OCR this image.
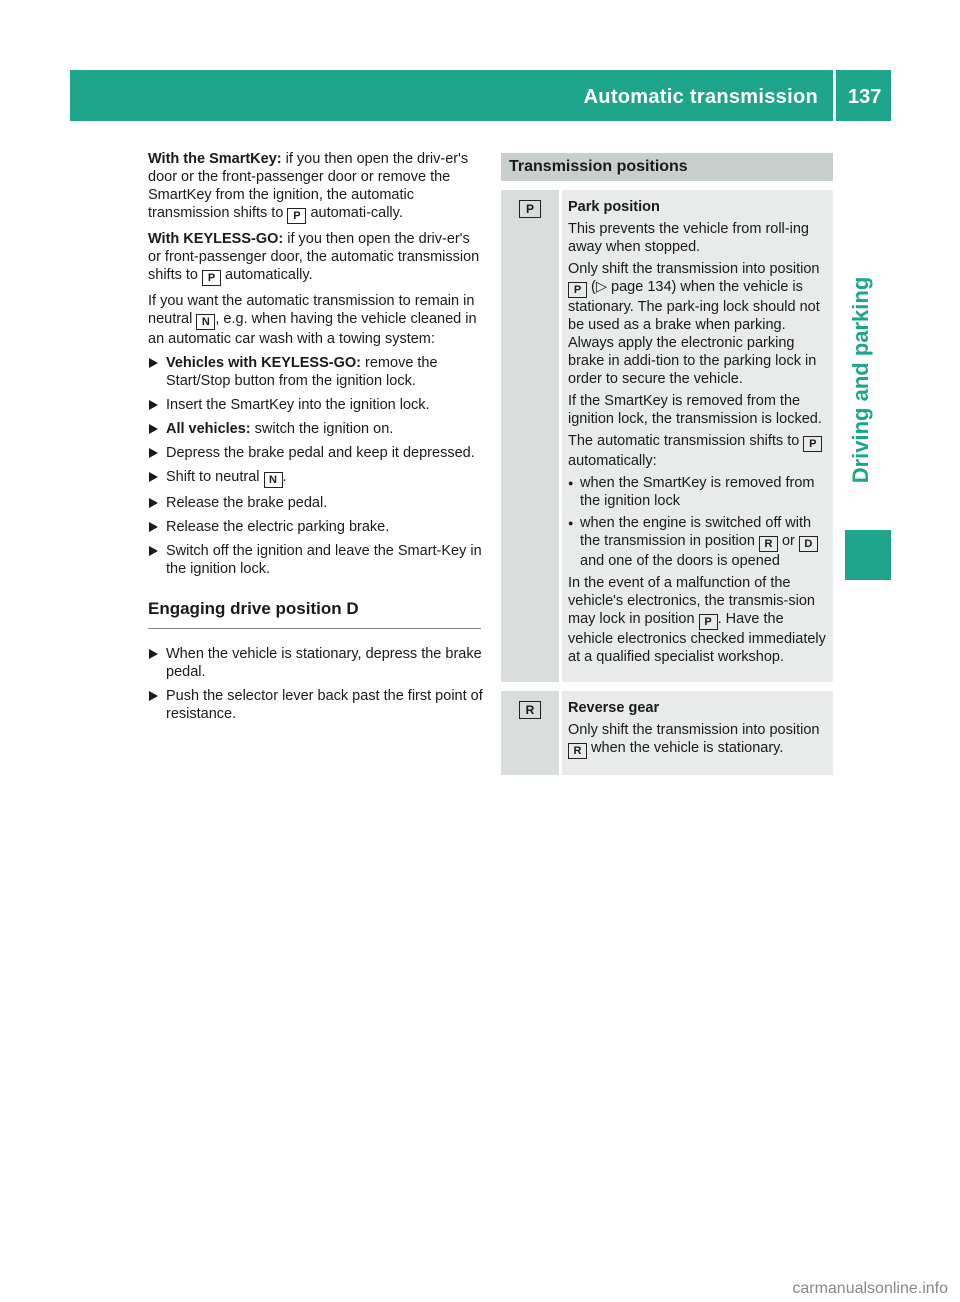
Automatic transmission 137
Driving and parking

With the SmartKey: if you then open the driv-er's door or the front-passenger door or remove the SmartKey from the ignition, the automatic transmission shifts to P automati-cally.

With KEYLESS-GO: if you then open the driv-er's or front-passenger door, the automatic transmission shifts to P automatically.

If you want the automatic transmission to remain in neutral N , e.g. when having the vehicle cleaned in an automatic car wash with a towing system:

Vehicles with KEYLESS-GO: remove the Start/Stop button from the ignition lock.
Insert the SmartKey into the ignition lock.
All vehicles: switch the ignition on.
Depress the brake pedal and keep it depressed.
Shift to neutral N .
Release the brake pedal.
Release the electric parking brake.
Switch off the ignition and leave the Smart-Key in the ignition lock.
Engaging drive position D
When the vehicle is stationary, depress the brake pedal.
Push the selector lever back past the first point of resistance.
Transmission positions
P	Park position

This prevents the vehicle from roll-ing away when stopped.

Only shift the transmission into position P (▷ page 134) when the vehicle is stationary. The park-ing lock should not be used as a brake when parking. Always apply the electronic parking brake in addi-tion to the parking lock in order to secure the vehicle.

If the SmartKey is removed from the ignition lock, the transmission is locked.

The automatic transmission shifts to P automatically:

● when the SmartKey is removed from the ignition lock
● when the engine is switched off with the transmission in position R or D and one of the doors is opened

In the event of a malfunction of the vehicle's electronics, the transmis-sion may lock in position P . Have the vehicle electronics checked immediately at a qualified specialist workshop.

R	Reverse gear

Only shift the transmission into position R when the vehicle is stationary.

carmanualsonline.info
